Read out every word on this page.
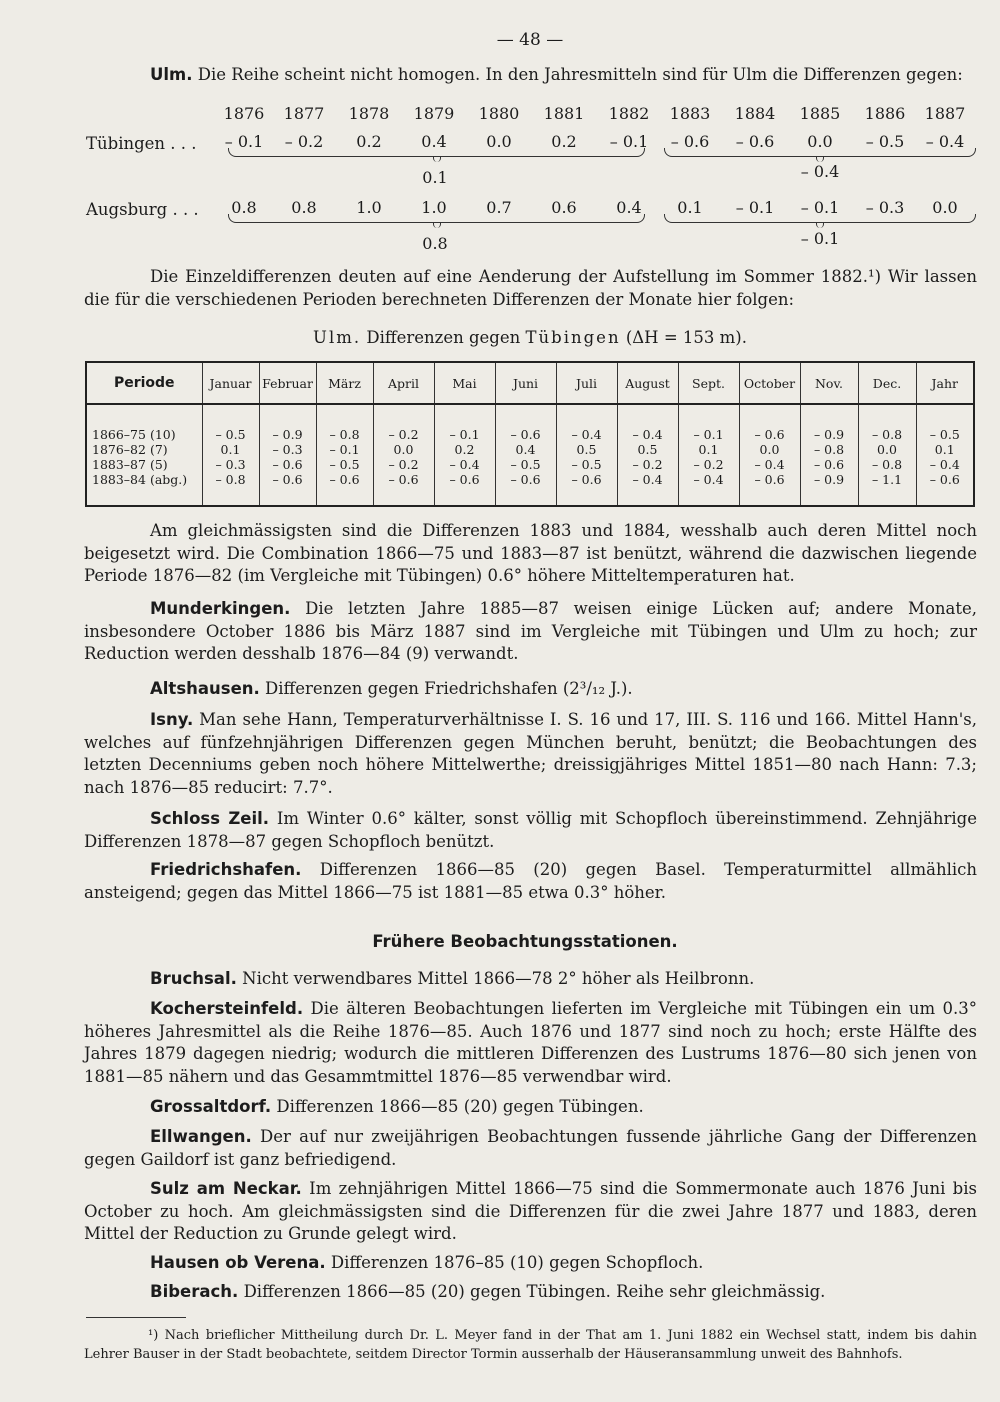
— 48 —
Ulm. Die Reihe scheint nicht homogen. In den Jahresmitteln sind für Ulm die Differenzen gegen:
1876	1877	1878	1879	1880	1881	1882	1883	1884	1885	1886	1887
Tübingen . . .	– 0.1	– 0.2	0.2	0.4	0.0	0.2	– 0.1	– 0.6	– 0.6	0.0	– 0.5	– 0.4
0.1	– 0.4
Augsburg . . .	0.8	0.8	1.0	1.0	0.7	0.6	0.4	0.1	– 0.1	– 0.1	– 0.3	0.0
0.8	– 0.1
Die Einzeldifferenzen deuten auf eine Aenderung der Aufstellung im Sommer 1882.¹) Wir lassen die für die verschiedenen Perioden berechneten Differenzen der Monate hier folgen:
Ulm. Differenzen gegen Tübingen (ΔH = 153 m).
Periode	Januar	Februar	März	April	Mai	Juni	Juli	August	Sept.	October	Nov.	Dec.	Jahr

1866–75 (10)	– 0.5	– 0.9	– 0.8	– 0.2	– 0.1	– 0.6	– 0.4	– 0.4	– 0.1	– 0.6	– 0.9	– 0.8	– 0.5
1876–82 (7)	0.1	– 0.3	– 0.1	0.0	0.2	0.4	0.5	0.5	0.1	0.0	– 0.8	0.0	0.1
1883–87 (5)	– 0.3	– 0.6	– 0.5	– 0.2	– 0.4	– 0.5	– 0.5	– 0.2	– 0.2	– 0.4	– 0.6	– 0.8	– 0.4
1883–84 (abg.)	– 0.8	– 0.6	– 0.6	– 0.6	– 0.6	– 0.6	– 0.6	– 0.4	– 0.4	– 0.6	– 0.9	– 1.1	– 0.6

Am gleichmässigsten sind die Differenzen 1883 und 1884, wesshalb auch deren Mittel noch beigesetzt wird. Die Combination 1866—75 und 1883—87 ist benützt, während die dazwischen liegende Periode 1876—82 (im Vergleiche mit Tübingen) 0.6° höhere Mitteltemperaturen hat.
Munderkingen. Die letzten Jahre 1885—87 weisen einige Lücken auf; andere Monate, insbesondere October 1886 bis März 1887 sind im Vergleiche mit Tübingen und Ulm zu hoch; zur Reduction werden desshalb 1876—84 (9) verwandt.
Altshausen. Differenzen gegen Friedrichshafen (2³/₁₂ J.).
Isny. Man sehe Hann, Temperaturverhältnisse I. S. 16 und 17, III. S. 116 und 166. Mittel Hann's, welches auf fünfzehnjährigen Differenzen gegen München beruht, benützt; die Beobachtungen des letzten Decenniums geben noch höhere Mittelwerthe; dreissigjähriges Mittel 1851—80 nach Hann: 7.3; nach 1876—85 reducirt: 7.7°.
Schloss Zeil. Im Winter 0.6° kälter, sonst völlig mit Schopfloch übereinstimmend. Zehnjährige Differenzen 1878—87 gegen Schopfloch benützt.
Friedrichshafen. Differenzen 1866—85 (20) gegen Basel. Temperaturmittel allmählich ansteigend; gegen das Mittel 1866—75 ist 1881—85 etwa 0.3° höher.
Frühere Beobachtungsstationen.
Bruchsal. Nicht verwendbares Mittel 1866—78 2° höher als Heilbronn.
Kochersteinfeld. Die älteren Beobachtungen lieferten im Vergleiche mit Tübingen ein um 0.3° höheres Jahresmittel als die Reihe 1876—85. Auch 1876 und 1877 sind noch zu hoch; erste Hälfte des Jahres 1879 dagegen niedrig; wodurch die mittleren Differenzen des Lustrums 1876—80 sich jenen von 1881—85 nähern und das Gesammtmittel 1876—85 verwendbar wird.
Grossaltdorf. Differenzen 1866—85 (20) gegen Tübingen.
Ellwangen. Der auf nur zweijährigen Beobachtungen fussende jährliche Gang der Differenzen gegen Gaildorf ist ganz befriedigend.
Sulz am Neckar. Im zehnjährigen Mittel 1866—75 sind die Sommermonate auch 1876 Juni bis October zu hoch. Am gleichmässigsten sind die Differenzen für die zwei Jahre 1877 und 1883, deren Mittel der Reduction zu Grunde gelegt wird.
Hausen ob Verena. Differenzen 1876–85 (10) gegen Schopfloch.
Biberach. Differenzen 1866—85 (20) gegen Tübingen. Reihe sehr gleichmässig.
¹) Nach brieflicher Mittheilung durch Dr. L. Meyer fand in der That am 1. Juni 1882 ein Wechsel statt, indem bis dahin Lehrer Bauser in der Stadt beobachtete, seitdem Director Tormin ausserhalb der Häuseransammlung unweit des Bahnhofs.
